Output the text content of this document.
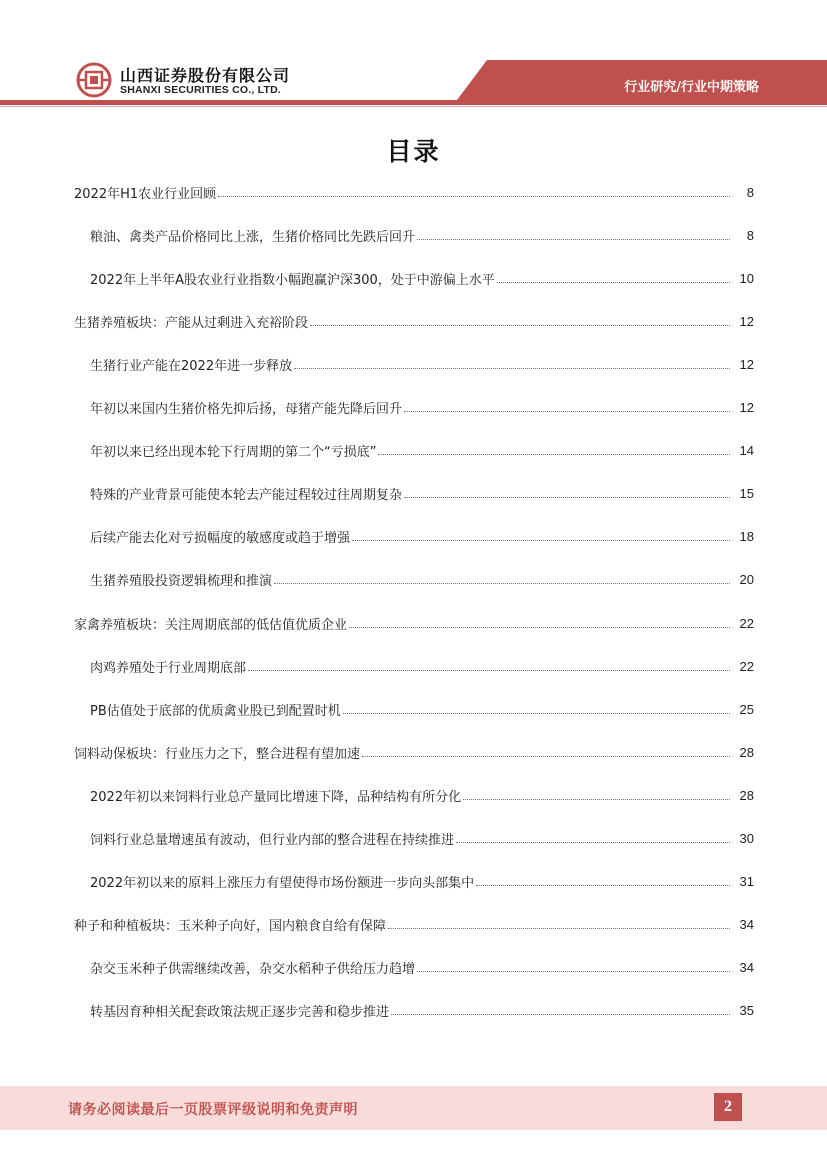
山西证券股份有限公司
SHANXI SECURITIES CO., LTD.	行业研究/行业中期策略
目录
2022年H1农业行业回顾	8
粮油、禽类产品价格同比上涨，生猪价格同比先跌后回升	8
2022年上半年A股农业行业指数小幅跑赢沪深300，处于中游偏上水平	10
生猪养殖板块：产能从过剩进入充裕阶段	12
生猪行业产能在2022年进一步释放	12
年初以来国内生猪价格先抑后扬，母猪产能先降后回升	12
年初以来已经出现本轮下行周期的第二个“亏损底”	14
特殊的产业背景可能使本轮去产能过程较过往周期复杂	15
后续产能去化对亏损幅度的敏感度或趋于增强	18
生猪养殖股投资逻辑梳理和推演	20
家禽养殖板块：关注周期底部的低估值优质企业	22
肉鸡养殖处于行业周期底部	22
PB估值处于底部的优质禽业股已到配置时机	25
饲料动保板块：行业压力之下，整合进程有望加速	28
2022年初以来饲料行业总产量同比增速下降，品种结构有所分化	28
饲料行业总量增速虽有波动，但行业内部的整合进程在持续推进	30
2022年初以来的原料上涨压力有望使得市场份额进一步向头部集中	31
种子和种植板块：玉米种子向好，国内粮食自给有保障	34
杂交玉米种子供需继续改善，杂交水稻种子供给压力趋增	34
转基因育种相关配套政策法规正逐步完善和稳步推进	35
请务必阅读最后一页股票评级说明和免责声明	2
